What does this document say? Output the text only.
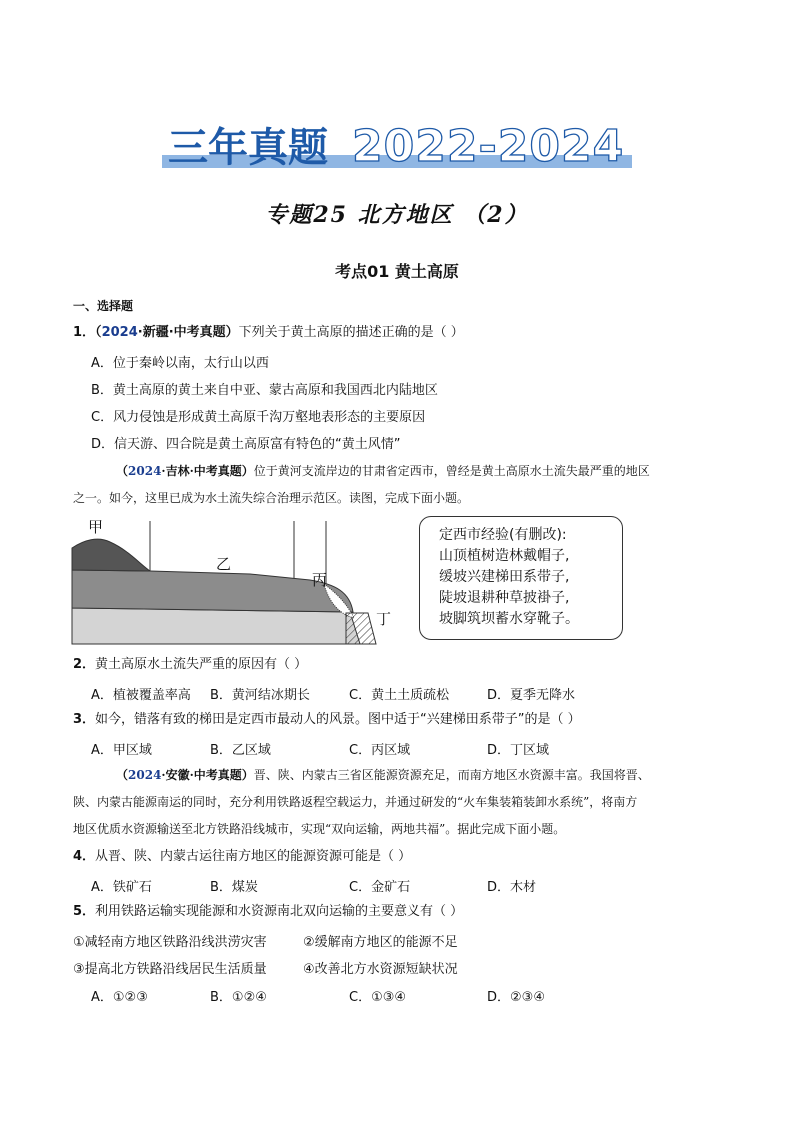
三年真题 2022-2024
专题25 北方地区 （2）
考点01 黄土高原
一、选择题
1．（2024·新疆·中考真题）下列关于黄土高原的描述正确的是（ ）
A．位于秦岭以南，太行山以西
B．黄土高原的黄土来自中亚、蒙古高原和我国西北内陆地区
C．风力侵蚀是形成黄土高原千沟万壑地表形态的主要原因
D．信天游、四合院是黄土高原富有特色的“黄土风情”
（2024·吉林·中考真题）位于黄河支流岸边的甘肃省定西市，曾经是黄土高原水土流失最严重的地区
之一。如今，这里已成为水土流失综合治理示范区。读图，完成下面小题。
甲
乙
丙
丁
定西市经验(有删改):
山顶植树造林戴帽子,
缓坡兴建梯田系带子,
陡坡退耕种草披褂子,
坡脚筑坝蓄水穿靴子。
2．黄土高原水土流失严重的原因有（ ）
A．植被覆盖率高 B．黄河结冰期长	C．黄土土质疏松	D．夏季无降水
3．如今，错落有致的梯田是定西市最动人的风景。图中适于“兴建梯田系带子”的是（ ）
A．甲区域	B．乙区域	C．丙区域	D．丁区域
（2024·安徽·中考真题）晋、陕、内蒙古三省区能源资源充足，而南方地区水资源丰富。我国将晋、
陕、内蒙古能源南运的同时，充分利用铁路返程空载运力，并通过研发的“火车集装箱装卸水系统”，将南方
地区优质水资源输送至北方铁路沿线城市，实现“双向运输，两地共福”。据此完成下面小题。
4．从晋、陕、内蒙古运往南方地区的能源资源可能是（ ）
A．铁矿石	B．煤炭	C．金矿石	D．木材
5．利用铁路运输实现能源和水资源南北双向运输的主要意义有（ ）
①减轻南方地区铁路沿线洪涝灾害	②缓解南方地区的能源不足
③提高北方铁路沿线居民生活质量	④改善北方水资源短缺状况
A．①②③	B．①②④	C．①③④	D．②③④
